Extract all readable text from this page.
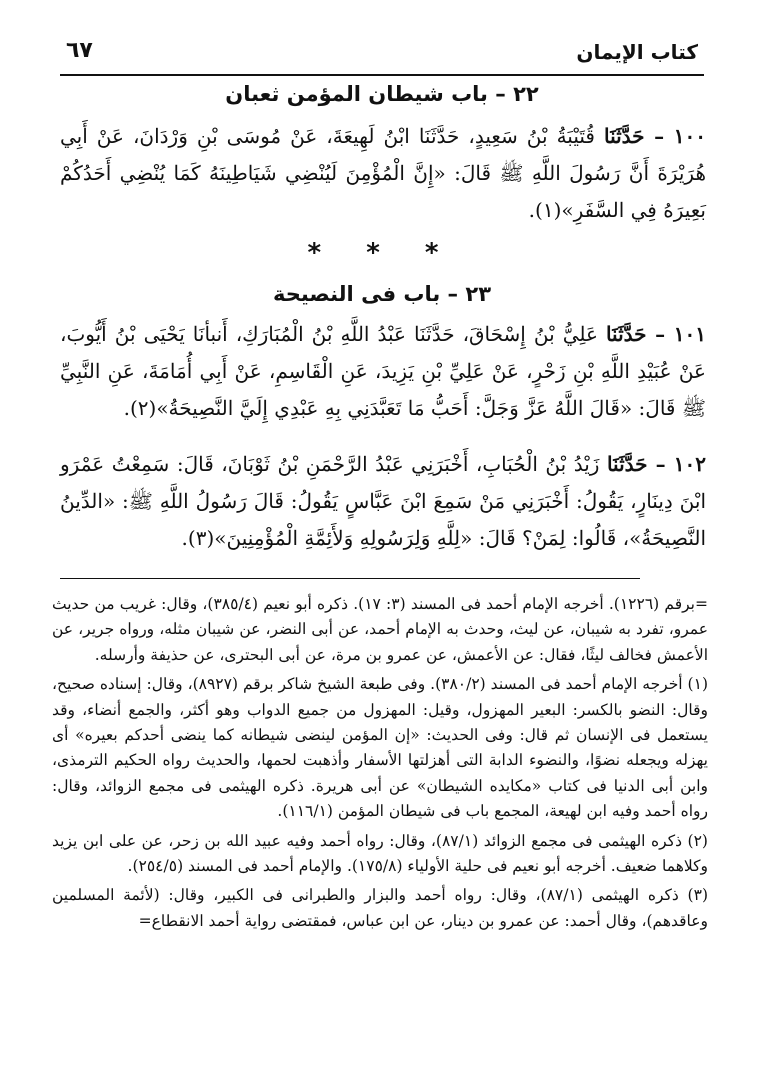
كتاب الإيمان
٦٧
٢٢ – باب شيطان المؤمن ثعبان
١٠٠ – حَدَّثَنَا قُتَيْبَةُ بْنُ سَعِيدٍ، حَدَّثَنَا ابْنُ لَهِيعَةَ، عَنْ مُوسَى بْنِ وَرْدَانَ، عَنْ أَبِي هُرَيْرَةَ أَنَّ رَسُولَ اللَّهِ ﷺ قَالَ: «إِنَّ الْمُؤْمِنَ لَيُنْضِي شَيَاطِينَهُ كَمَا يُنْضِي أَحَدُكُمْ بَعِيرَهُ فِي السَّفَرِ»(١).
* * *
٢٣ – باب فى النصيحة
١٠١ – حَدَّثَنَا عَلِيُّ بْنُ إِسْحَاقَ، حَدَّثَنَا عَبْدُ اللَّهِ بْنُ الْمُبَارَكِ، أَنبأنَا يَحْيَى بْنُ أَيُّوبَ، عَنْ عُبَيْدِ اللَّهِ بْنِ زَحْرٍ، عَنْ عَلِيِّ بْنِ يَزِيدَ، عَنِ الْقَاسِمِ، عَنْ أَبِي أُمَامَةَ، عَنِ النَّبِيِّ ﷺ قَالَ: «قَالَ اللَّهُ عَزَّ وَجَلَّ: أَحَبُّ مَا تَعَبَّدَنِي بِهِ عَبْدِي إِلَيَّ النَّصِيحَةُ»(٢).
١٠٢ – حَدَّثَنَا زَيْدُ بْنُ الْحُبَابِ، أَخْبَرَنِي عَبْدُ الرَّحْمَنِ بْنُ ثَوْبَانَ، قَالَ: سَمِعْتُ عَمْرَو ابْنَ دِينَارٍ، يَقُولُ: أَخْبَرَنِي مَنْ سَمِعَ ابْنَ عَبَّاسٍ يَقُولُ: قَالَ رَسُولُ اللَّهِ ﷺ: «الدِّينُ النَّصِيحَةُ»، قَالُوا: لِمَنْ؟ قَالَ: «لِلَّهِ وَلِرَسُولِهِ وَلأَئِمَّةِ الْمُؤْمِنِينَ»(٣).

=برقم (١٢٢٦). أخرجه الإمام أحمد فى المسند (٣: ١٧). ذكره أبو نعيم (٣٨٥/٤)، وقال: غريب من حديث عمرو، تفرد به شيبان، عن ليث، وحدث به الإمام أحمد، عن أبى النضر، عن شيبان مثله، ورواه جرير، عن الأعمش فخالف ليثًا، فقال: عن الأعمش، عن عمرو بن مرة، عن أبى البحترى، عن حذيفة وأرسله.

(١) أخرجه الإمام أحمد فى المسند (٣٨٠/٢). وفى طبعة الشيخ شاكر برقم (٨٩٢٧)، وقال: إسناده صحيح، وقال: النضو بالكسر: البعير المهزول، وقيل: المهزول من جميع الدواب وهو أكثر، والجمع أنضاء، وقد يستعمل فى الإنسان ثم قال: وفى الحديث: «إن المؤمن لينضى شيطانه كما ينضى أحدكم بعيره» أى يهزله ويجعله نضوًا، والنضوء الدابة التى أهزلتها الأسفار وأذهبت لحمها، والحديث رواه الحكيم الترمذى، وابن أبى الدنيا فى كتاب «مكايده الشيطان» عن أبى هريرة. ذكره الهيثمى فى مجمع الزوائد، وقال: رواه أحمد وفيه ابن لهيعة، المجمع باب فى شيطان المؤمن (١١٦/١).

(٢) ذكره الهيثمى فى مجمع الزوائد (٨٧/١)، وقال: رواه أحمد وفيه عبيد الله بن زحر، عن على ابن يزيد وكلاهما ضعيف. أخرجه أبو نعيم فى حلية الأولياء (١٧٥/٨). والإمام أحمد فى المسند (٢٥٤/٥).

(٣) ذكره الهيثمى (٨٧/١)، وقال: رواه أحمد والبزار والطبرانى فى الكبير، وقال: (لأئمة المسلمين وعاقدهم)، وقال أحمد: عن عمرو بن دينار، عن ابن عباس، فمقتضى رواية أحمد الانقطاع=
